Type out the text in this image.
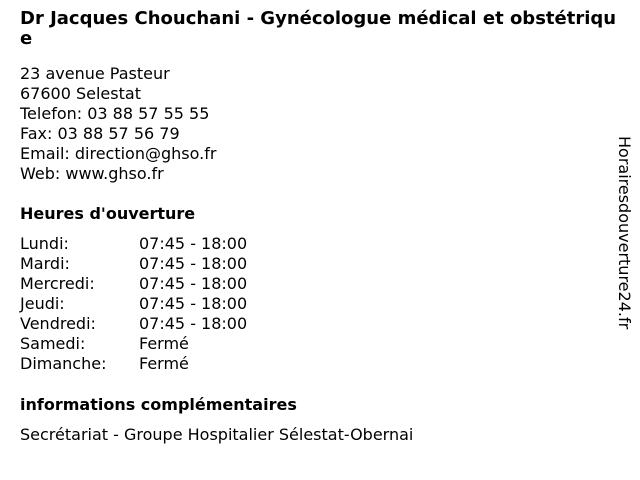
Dr Jacques Chouchani - Gynécologue médical et obstétrique
23 avenue Pasteur
67600 Selestat
Telefon: 03 88 57 55 55
Fax: 03 88 57 56 79
Email: direction@ghso.fr
Web: www.ghso.fr
Heures d'ouverture
Lundi:	07:45 - 18:00
Mardi:	07:45 - 18:00
Mercredi:	07:45 - 18:00
Jeudi:	07:45 - 18:00
Vendredi:	07:45 - 18:00
Samedi:	Fermé
Dimanche: Fermé
informations complémentaires
Secrétariat - Groupe Hospitalier Sélestat-Obernai
Horairesdouverture24.fr
